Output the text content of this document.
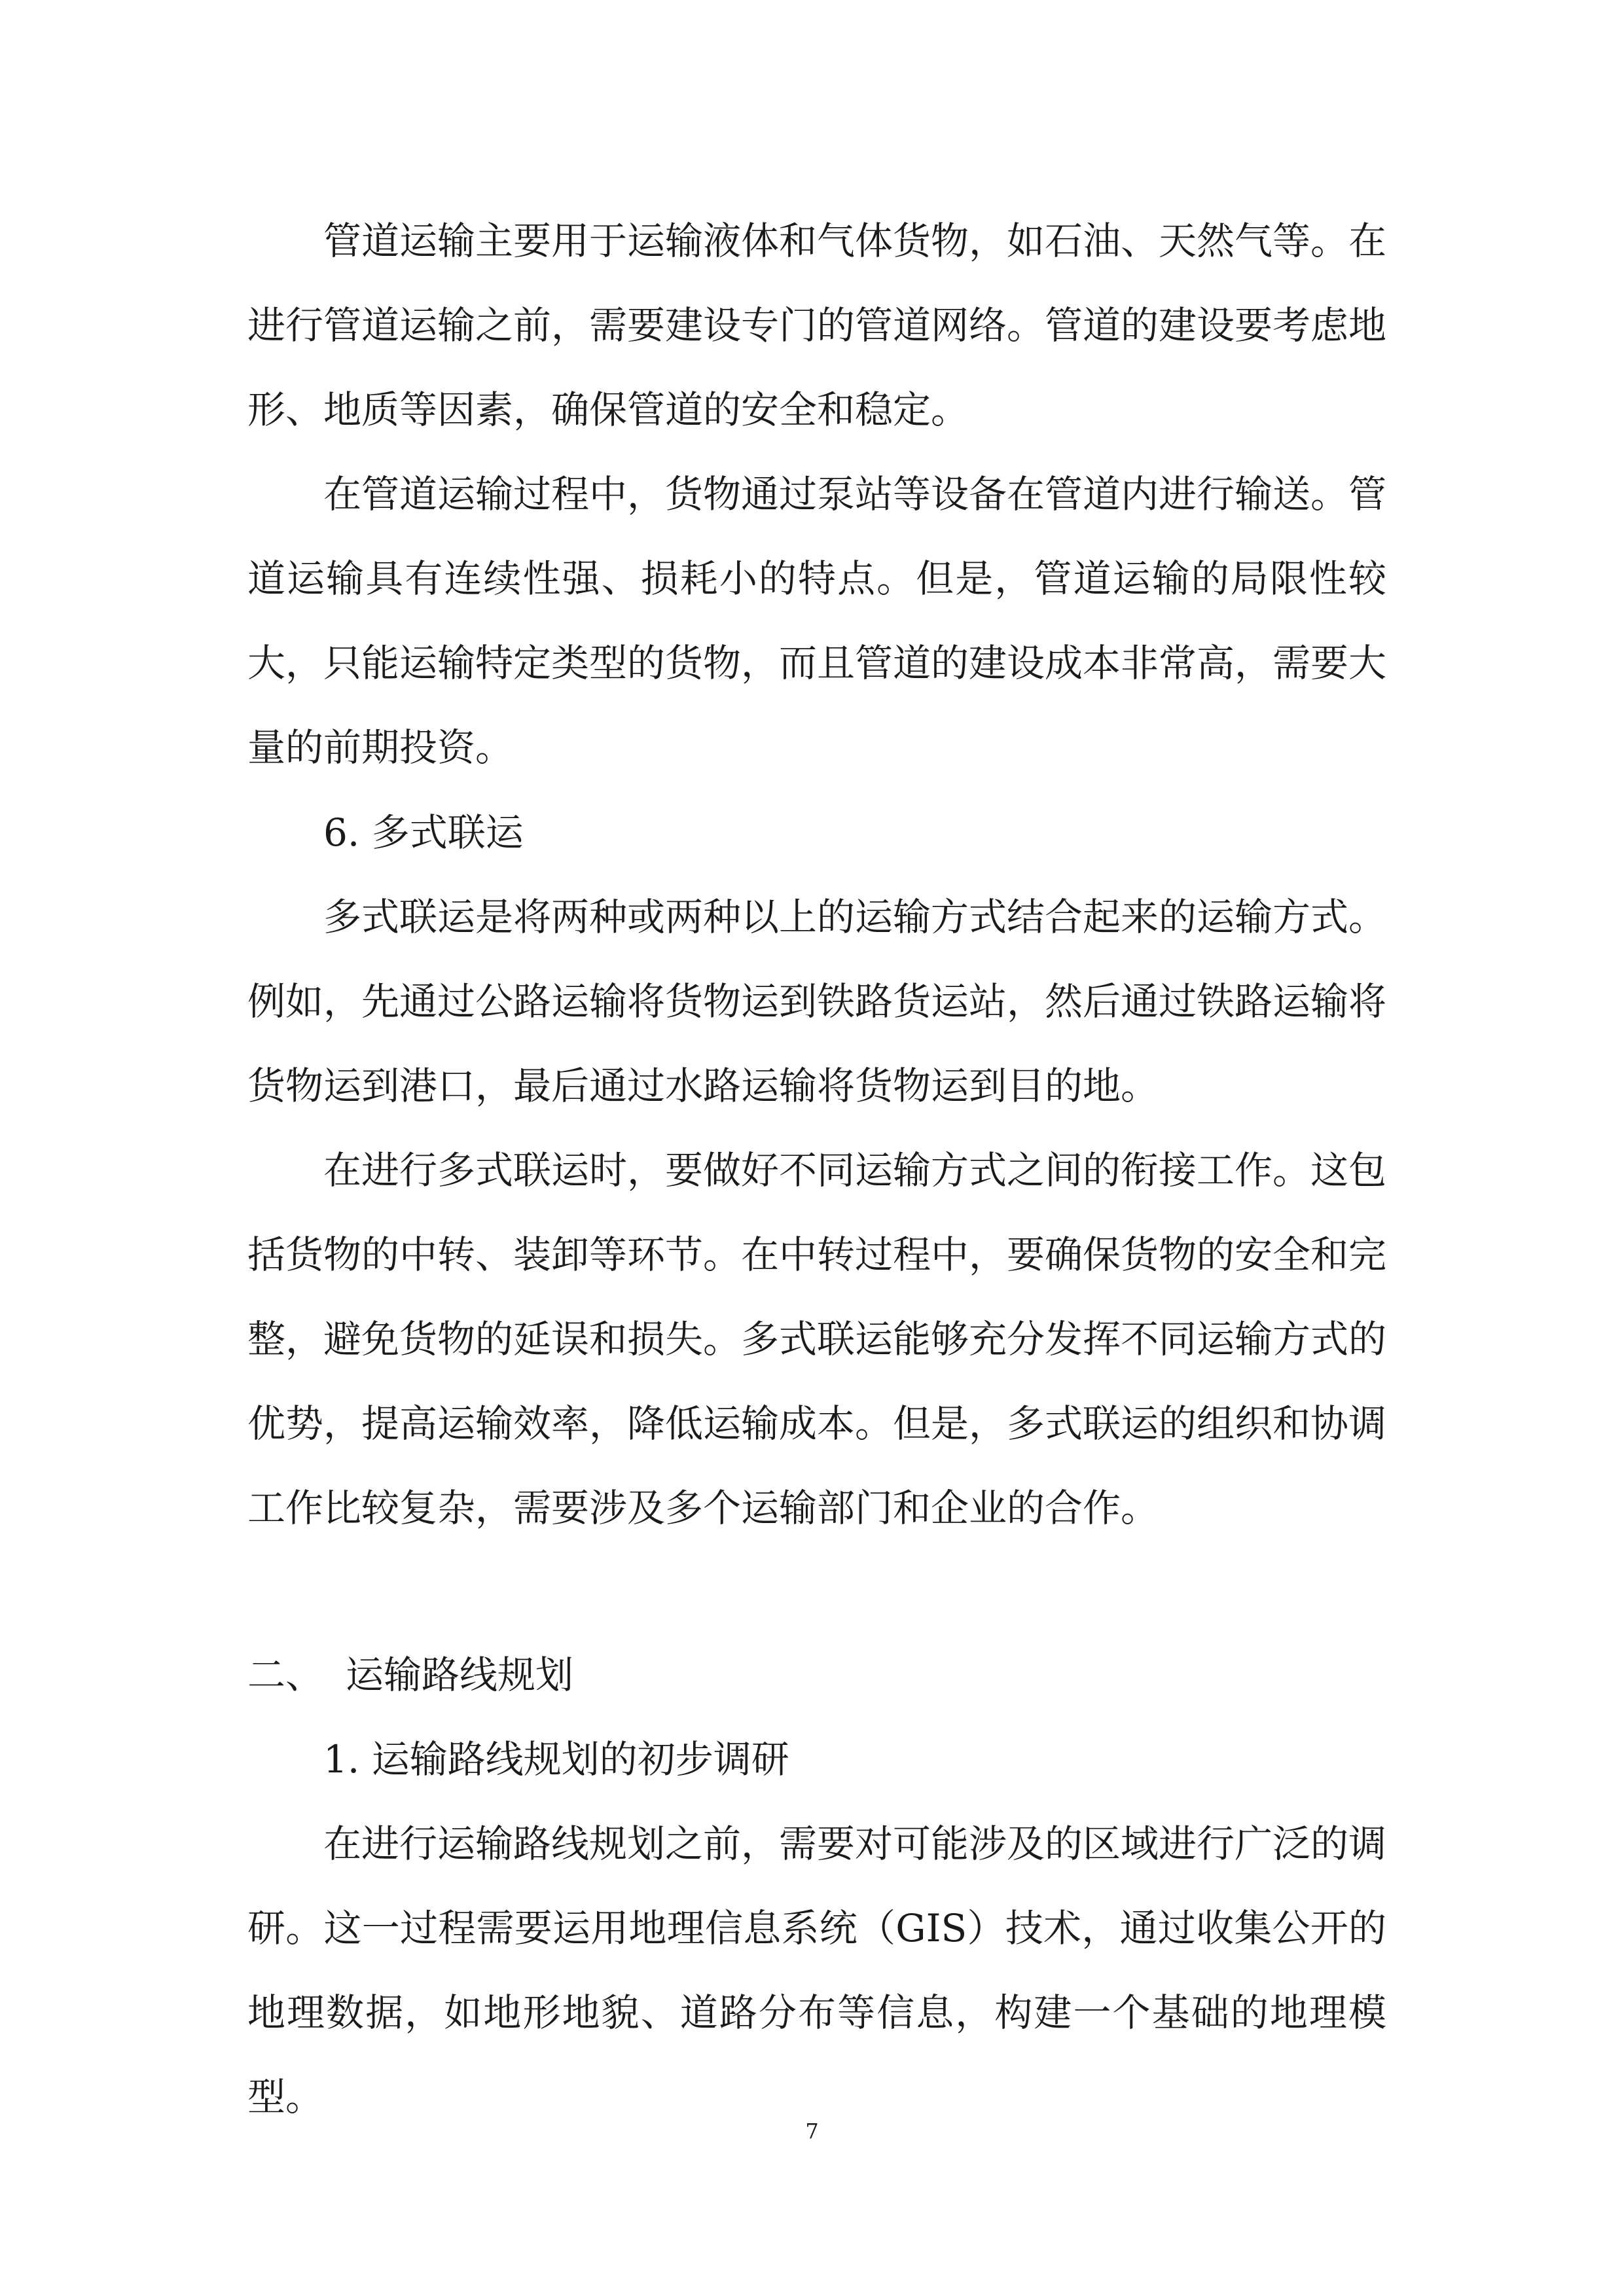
管道运输主要用于运输液体和气体货物，如石油、天然气等。在进行管道运输之前，需要建设专门的管道网络。管道的建设要考虑地形、地质等因素，确保管道的安全和稳定。

在管道运输过程中，货物通过泵站等设备在管道内进行输送。管道运输具有连续性强、损耗小的特点。但是，管道运输的局限性较大，只能运输特定类型的货物，而且管道的建设成本非常高，需要大量的前期投资。

6. 多式联运

多式联运是将两种或两种以上的运输方式结合起来的运输方式。例如，先通过公路运输将货物运到铁路货运站，然后通过铁路运输将货物运到港口，最后通过水路运输将货物运到目的地。

在进行多式联运时，要做好不同运输方式之间的衔接工作。这包括货物的中转、装卸等环节。在中转过程中，要确保货物的安全和完整，避免货物的延误和损失。多式联运能够充分发挥不同运输方式的优势，提高运输效率，降低运输成本。但是，多式联运的组织和协调工作比较复杂，需要涉及多个运输部门和企业的合作。

二、 运输路线规划

1. 运输路线规划的初步调研

在进行运输路线规划之前，需要对可能涉及的区域进行广泛的调研。这一过程需要运用地理信息系统（GIS）技术，通过收集公开的地理数据，如地形地貌、道路分布等信息，构建一个基础的地理模型。

7
